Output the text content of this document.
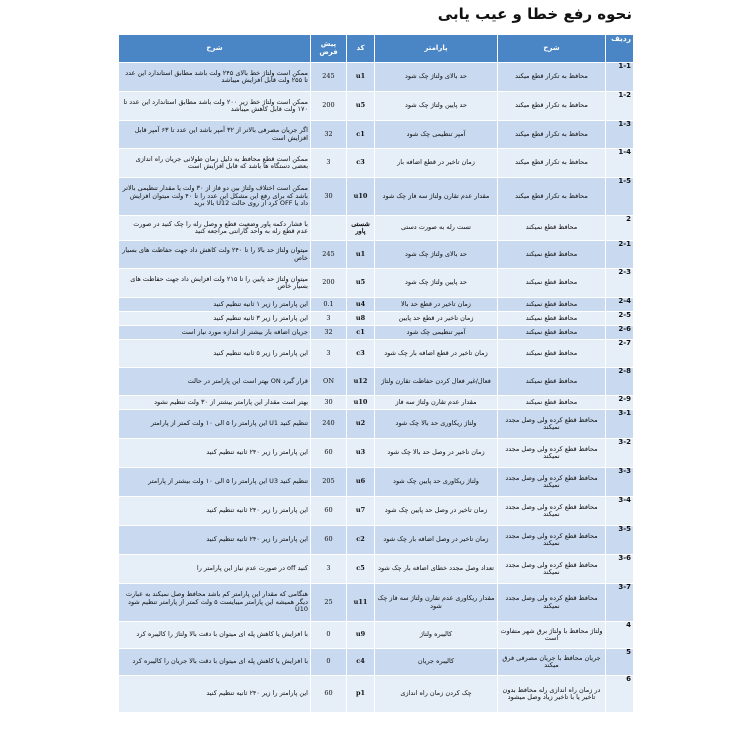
نحوه رفع خطا و عیب یابی
ردیف	شرح	پارامتر	کد	پیش فرض	شرح
1-1	محافظ به تکرار قطع میکند	حد بالای ولتاژ چک شود	u1	245	ممکن است ولتاژ خط بالای ۲۴۵ ولت باشد مطابق استاندارد این عدد تا ۲۵۵ ولت قابل افزایش میباشد
1-2	محافظ به تکرار قطع میکند	حد پایین ولتاژ چک شود	u5	200	ممکن است ولتاژ خط زیر ۲۰۰ ولت باشد مطابق استاندارد این عدد تا ۱۷۰ ولت قابل کاهش میباشد
1-3	محافظ به تکرار قطع میکند	آمپر تنظیمی چک شود	c1	32	اگر جریان مصرفی بالاتر از ۳۲ آمپر باشد این عدد تا ۶۳ آمپر قابل افزایش است
1-4	محافظ به تکرار قطع میکند	زمان تاخیر در قطع اضافه بار	c3	3	ممکن است قطع محافظ به دلیل زمان طولانی جریان راه اندازی بعضی دستگاه ها باشد که قابل افزایش است
1-5	محافظ به تکرار قطع میکند	مقدار عدم تقارن ولتاژ سه فاز چک شود	u10	30	ممکن است اختلاف ولتاژ بین دو فاز از ۳۰ ولت یا مقدار تنظیمی بالاتر باشد که برای رفع این مشکل این عدد را تا ۴۰ ولت میتوان افزایش داد یا OFF کرد از روی حالت U12 بالا برید
2	محافظ قطع نمیکند	تست رله به صورت دستی	شستی پاور		با فشار دکمه پاور وضعیت قطع و وصل رله را چک کنید در صورت عدم قطع رله به واحد گارانتی مراجعه کنید
2-1	محافظ قطع نمیکند	حد بالای ولتاژ چک شود	u1	245	میتوان ولتاژ حد بالا را تا ۲۴۰ ولت کاهش داد جهت حفاظت های بسیار خاص
2-3	محافظ قطع نمیکند	حد پایین ولتاژ چک شود	u5	200	میتوان ولتاژ حد پایین را تا ۲۱۵ ولت افزایش داد جهت حفاظت های بسیار خاص
2-4	محافظ قطع نمیکند	زمان تاخیر در قطع حد بالا	u4	0.1	این پارامتر را زیر ۱ ثانیه تنظیم کنید
2-5	محافظ قطع نمیکند	زمان تاخیر در قطع حد پایین	u8	3	این پارامتر را زیر ۳ ثانیه تنظیم کنید
2-6	محافظ قطع نمیکند	آمپر تنظیمی چک شود	c1	32	جریان اضافه بار بیشتر از اندازه مورد نیاز است
2-7	محافظ قطع نمیکند	زمان تاخیر در قطع اضافه بار چک شود	c3	3	این پارامتر را زیر ۵ ثانیه تنظیم کنید
2-8	محافظ قطع نمیکند	فعال/غیر فعال کردن حفاظت تقارن ولتاژ	u12	ON	قرار گیرد ON بهتر است این پارامتر در حالت
2-9	محافظ قطع نمیکند	مقدار عدم تقارن ولتاژ سه فاز	u10	30	بهتر است مقدار این پارامتر بیشتر از ۳۰ ولت تنظیم نشود
3-1	محافظ قطع کرده ولی وصل مجدد نمیکند	ولتاژ ریکاوری حد بالا چک شود	u2	240	تنظیم کنید U1 این پارامتر را ۵ الی ۱۰ ولت کمتر از پارامتر
3-2	محافظ قطع کرده ولی وصل مجدد نمیکند	زمان تاخیر در وصل حد بالا چک شود	u3	60	این پارامتر را زیر ۲۴۰ ثانیه تنظیم کنید
3-3	محافظ قطع کرده ولی وصل مجدد نمیکند	ولتاژ ریکاوری حد پایین چک شود	u6	205	تنظیم کنید U3 این پارامتر را ۵ الی ۱۰ ولت بیشتر از پارامتر
3-4	محافظ قطع کرده ولی وصل مجدد نمیکند	زمان تاخیر در وصل حد پایین چک شود	u7	60	این پارامتر را زیر ۲۴۰ ثانیه تنظیم کنید
3-5	محافظ قطع کرده ولی وصل مجدد نمیکند	زمان تاخیر در وصل اضافه بار چک شود	c2	60	این پارامتر را زیر ۲۴۰ ثانیه تنظیم کنید
3-6	محافظ قطع کرده ولی وصل مجدد نمیکند	تعداد وصل مجدد خطای اضافه بار چک شود	c5	3	کنید off در صورت عدم نیاز این پارامتر را
3-7	محافظ قطع کرده ولی وصل مجدد نمیکند	مقدار ریکاوری عدم تقارن ولتاژ سه فاز چک شود	u11	25	هنگامی که مقدار این پارامتر کم باشد محافظ وصل نمیکند به عبارت دیگر همیشه این پارامتر میبایست ۵ ولت کمتر از پارامتر تنظیم شود U10
4	ولتاژ محافظ با ولتاژ برق شهر متفاوت است	کالیبره ولتاژ	u9	0	با افزایش یا کاهش پله ای میتوان با دقت بالا ولتاژ را کالیبره کرد
5	جریان محافظ با جریان مصرفی فرق میکند	کالیبره جریان	c4	0	با افزایش یا کاهش پله ای میتوان با دقت بالا جریان را کالیبره کرد
6	در زمان راه اندازی رله محافظ بدون تاخیر یا با تاخیر زیاد وصل میشود	چک کردن زمان راه اندازی	p1	60	این پارامتر را زیر ۲۴۰ ثانیه تنظیم کنید
